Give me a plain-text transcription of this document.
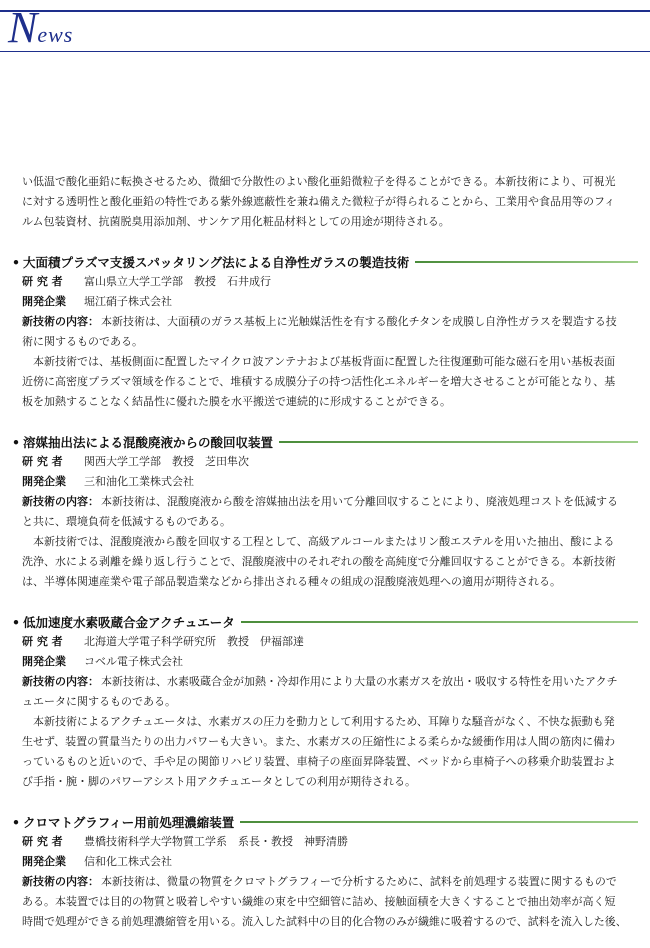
News
い低温で酸化亜鉛に転換させるため、微細で分散性のよい酸化亜鉛微粒子を得ることができる。本新技術により、可視光
に対する透明性と酸化亜鉛の特性である紫外線遮蔽性を兼ね備えた微粒子が得られることから、工業用や食品用等のフィ
ルム包装資材、抗菌脱臭用添加剤、サンケア用化粧品材料としての用途が期待される。
• 大面積プラズマ支援スパッタリング法による自浄性ガラスの製造技術
研 究 者 富山県立大学工学部　教授　石井成行
開発企業 堀江硝子株式会社
新技術の内容： 本新技術は、大面積のガラス基板上に光触媒活性を有する酸化チタンを成膜し自浄性ガラスを製造する技
術に関するものである。
本新技術では、基板側面に配置したマイクロ波アンテナおよび基板背面に配置した往復運動可能な磁石を用い基板表面
近傍に高密度プラズマ領域を作ることで、堆積する成膜分子の持つ活性化エネルギーを増大させることが可能となり、基
板を加熱することなく結晶性に優れた膜を水平搬送で連続的に形成することができる。
• 溶媒抽出法による混酸廃液からの酸回収装置
研 究 者 関西大学工学部　教授　芝田隼次
開発企業 三和油化工業株式会社
新技術の内容： 本新技術は、混酸廃液から酸を溶媒抽出法を用いて分離回収することにより、廃液処理コストを低減する
と共に、環境負荷を低減するものである。
本新技術では、混酸廃液から酸を回収する工程として、高級アルコールまたはリン酸エステルを用いた抽出、酸による
洗浄、水による剥離を繰り返し行うことで、混酸廃液中のそれぞれの酸を高純度で分離回収することができる。本新技術
は、半導体関連産業や電子部品製造業などから排出される種々の組成の混酸廃液処理への適用が期待される。
• 低加速度水素吸蔵合金アクチュエータ
研 究 者 北海道大学電子科学研究所　教授　伊福部達
開発企業 コベル電子株式会社
新技術の内容： 本新技術は、水素吸蔵合金が加熱・冷却作用により大量の水素ガスを放出・吸収する特性を用いたアクチ
ュエータに関するものである。
本新技術によるアクチュエータは、水素ガスの圧力を動力として利用するため、耳障りな騒音がなく、不快な振動も発
生せず、装置の質量当たりの出力パワーも大きい。また、水素ガスの圧縮性による柔らかな緩衝作用は人間の筋肉に備わ
っているものと近いので、手や足の関節リハビリ装置、車椅子の座面昇降装置、ベッドから車椅子への移乗介助装置およ
び手指・腕・脚のパワーアシスト用アクチュエータとしての利用が期待される。
• クロマトグラフィー用前処理濃縮装置
研 究 者 豊橋技術科学大学物質工学系　系長・教授　神野清勝
開発企業 信和化工株式会社
新技術の内容： 本新技術は、微量の物質をクロマトグラフィーで分析するために、試料を前処理する装置に関するもので
ある。本装置では目的の物質と吸着しやすい繊維の束を中空細管に詰め、接触面積を大きくすることで抽出効率が高く短
時間で処理ができる前処理濃縮管を用いる。流入した試料中の目的化合物のみが繊維に吸着するので、試料を流入した後、
